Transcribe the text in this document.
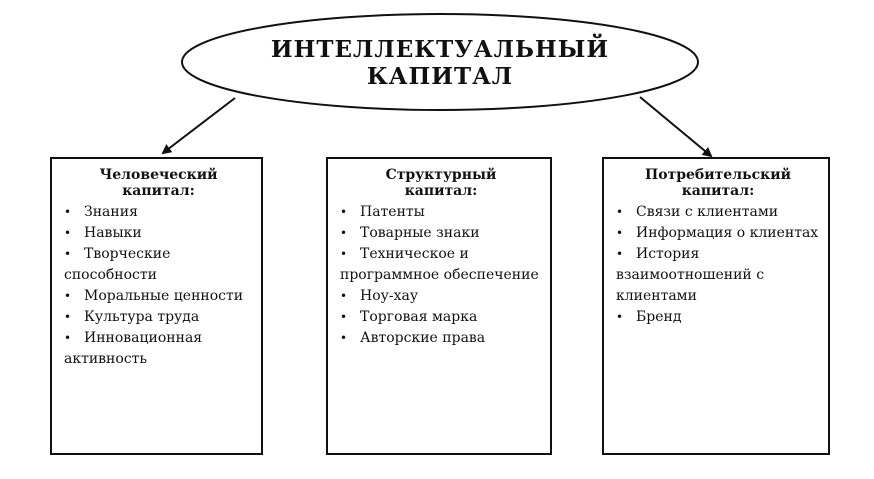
ИНТЕЛЛЕКТУАЛЬНЫЙ
КАПИТАЛ
Человеческий
капитал:
• Знания
• Навыки
• Творческие способности
• Моральные ценности
• Культура труда
• Инновационная активность
Структурный
капитал:
• Патенты
• Товарные знаки
• Техническое и программное обеспечение
• Ноу-хау
• Торговая марка
• Авторские права
Потребительский
капитал:
• Связи с клиентами
• Информация о клиентах
• История взаимоотношений с клиентами
• Бренд
